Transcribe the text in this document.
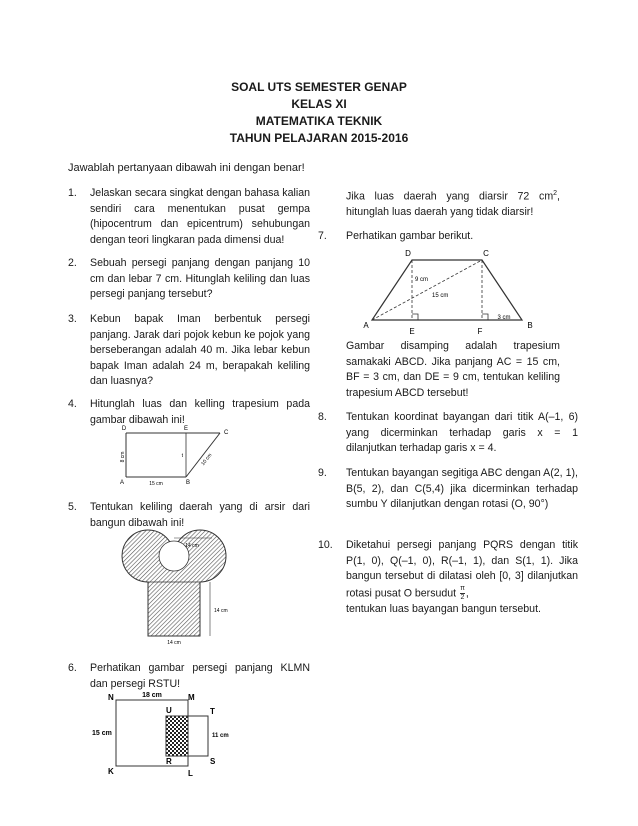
SOAL UTS SEMESTER GENAP
KELAS XI
MATEMATIKA TEKNIK
TAHUN PELAJARAN 2015-2016
Jawablah pertanyaan dibawah ini dengan benar!
1. Jelaskan secara singkat dengan bahasa kalian sendiri cara menentukan pusat gempa (hipocentrum dan epicentrum) sehubungan dengan teori lingkaran pada dimensi dua!
2. Sebuah persegi panjang dengan panjang 10 cm dan lebar 7 cm. Hitunglah keliling dan luas persegi panjang tersebut?
3. Kebun bapak Iman berbentuk persegi panjang. Jarak dari pojok kebun ke pojok yang berseberangan adalah 40 m. Jika lebar kebun bapak Iman adalah 24 m, berapakah keliling dan luasnya?
4. Hitunglah luas dan kelling trapesium pada gambar dibawah ini!
D	E
C
A	B
8 cm
15 cm
10 cm
t
5. Tentukan keliling daerah yang di arsir dari bangun dibawah ini!
14 cm
14 cm
14 cm
6. Perhatikan gambar persegi panjang KLMN dan persegi RSTU!
N	M
K	L
U	T
R	S
18 cm
15 cm	11 cm
Jika luas daerah yang diarsir 72 $cm^2$, hitunglah luas daerah yang tidak diarsir!
7. Perhatikan gambar berikut.
D	C
A	B
E	F
9 cm
15 cm
3 cm
Gambar disamping adalah trapesium samakaki ABCD. Jika panjang AC = 15 cm, BF = 3 cm, dan DE = 9 cm, tentukan keliling trapesium ABCD tersebut!
8. Tentukan koordinat bayangan dari titik A(–1, 6) yang dicerminkan terhadap garis x = 1 dilanjutkan terhadap garis x = 4.
9. Tentukan bayangan segitiga ABC dengan A(2, 1), B(5, 2), dan C(5,4) jika dicerminkan terhadap sumbu Y dilanjutkan dengan rotasi (O, 90°)
10. Diketahui persegi panjang PQRS dengan titik P(1, 0), Q(–1, 0), R(–1, 1), dan S(1, 1). Jika bangun tersebut di dilatasi oleh [0, 3] dilanjutkan rotasi pusat O bersudut $\frac{\pi}{2}$ ,
tentukan luas bayangan bangun tersebut.
